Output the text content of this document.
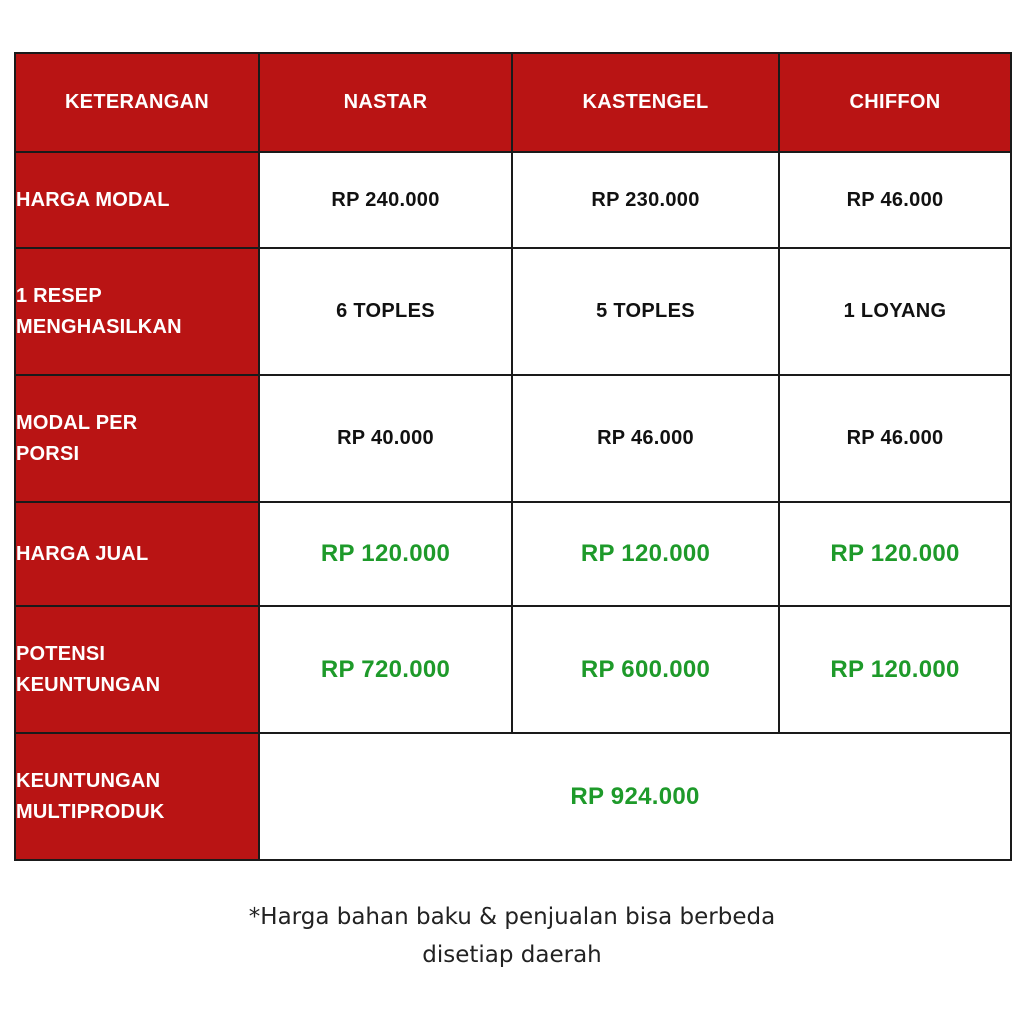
KETERANGAN	NASTAR	KASTENGEL	CHIFFON
HARGA MODAL	RP 240.000	RP 230.000	RP 46.000
1 RESEP
MENGHASILKAN	6 TOPLES	5 TOPLES	1 LOYANG
MODAL PER
PORSI	RP 40.000	RP 46.000	RP 46.000
HARGA JUAL	RP 120.000	RP 120.000	RP 120.000
POTENSI
KEUNTUNGAN	RP 720.000	RP 600.000	RP 120.000
KEUNTUNGAN
MULTIPRODUK	RP 924.000		
*Harga bahan baku & penjualan bisa berbeda
disetiap daerah
